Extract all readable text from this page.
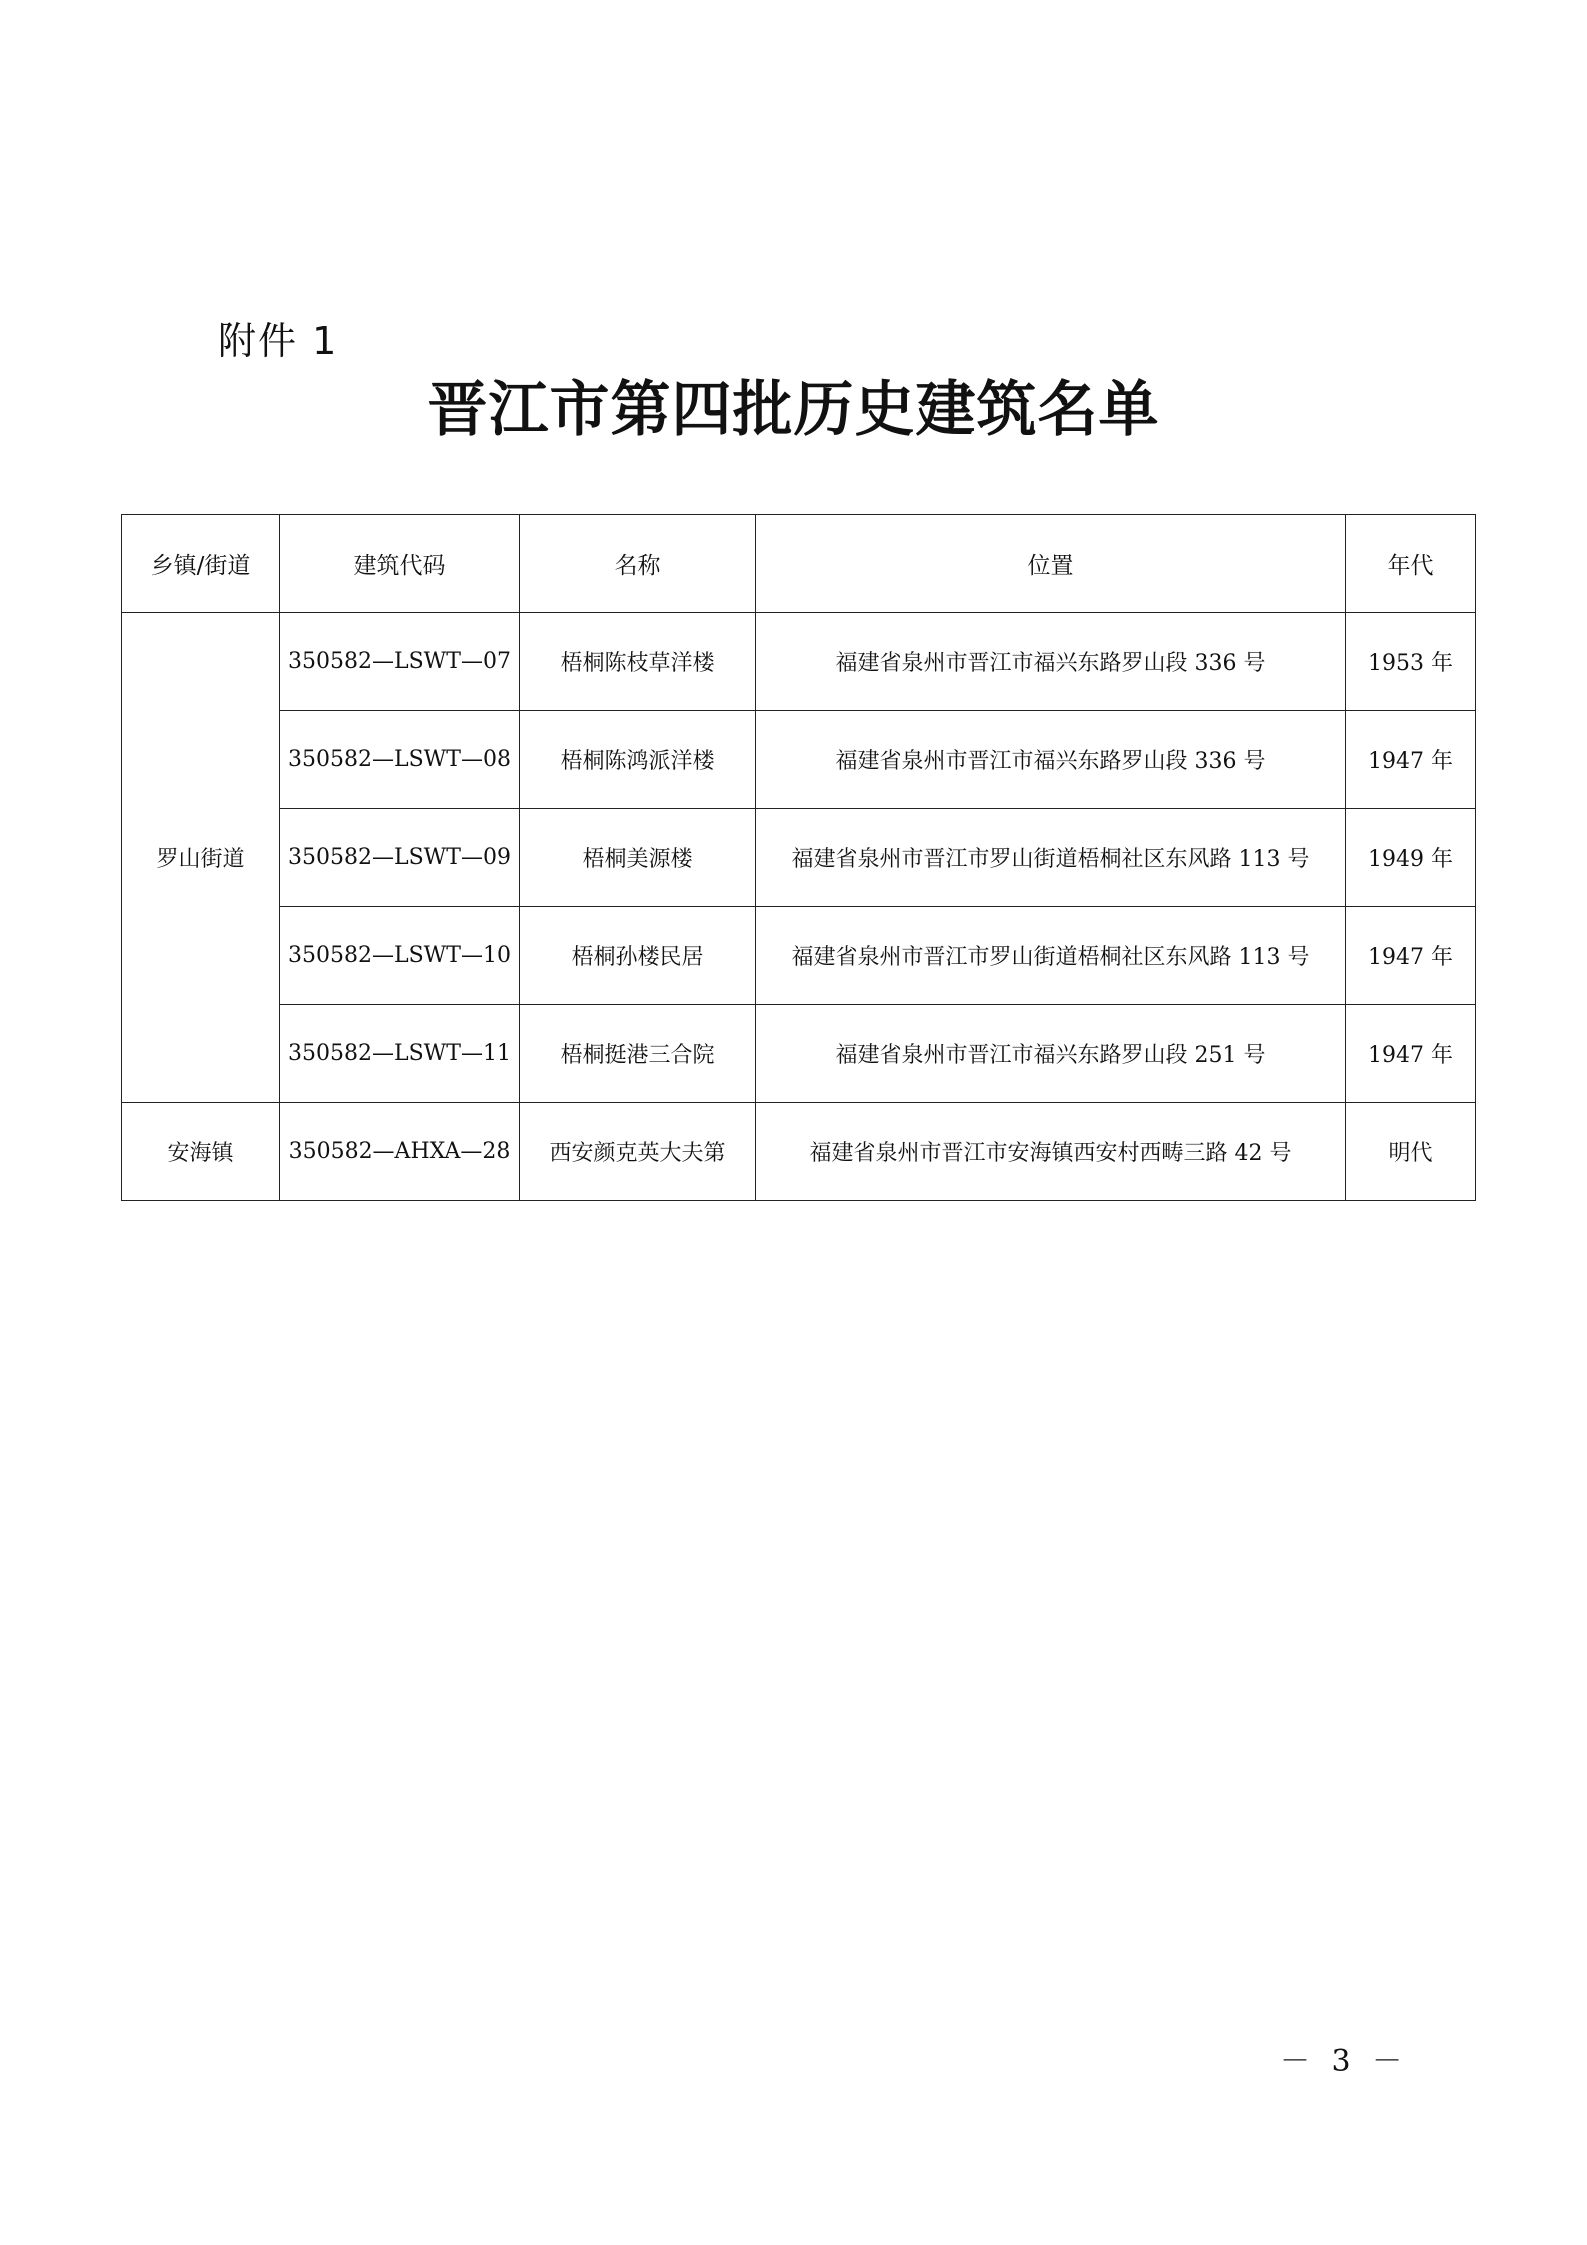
附件 1
晋江市第四批历史建筑名单
乡镇/街道	建筑代码	名称	位置	年代
罗山街道	350582—LSWT—07	梧桐陈枝草洋楼	福建省泉州市晋江市福兴东路罗山段 336 号	1953 年
	350582—LSWT—08	梧桐陈鸿派洋楼	福建省泉州市晋江市福兴东路罗山段 336 号	1947 年
	350582—LSWT—09	梧桐美源楼	福建省泉州市晋江市罗山街道梧桐社区东风路 113 号	1949 年
	350582—LSWT—10	梧桐孙楼民居	福建省泉州市晋江市罗山街道梧桐社区东风路 113 号	1947 年
	350582—LSWT—11	梧桐挺港三合院	福建省泉州市晋江市福兴东路罗山段 251 号	1947 年
安海镇	350582—AHXA—28	西安颜克英大夫第	福建省泉州市晋江市安海镇西安村西畴三路 42 号	明代
－ 3 －
